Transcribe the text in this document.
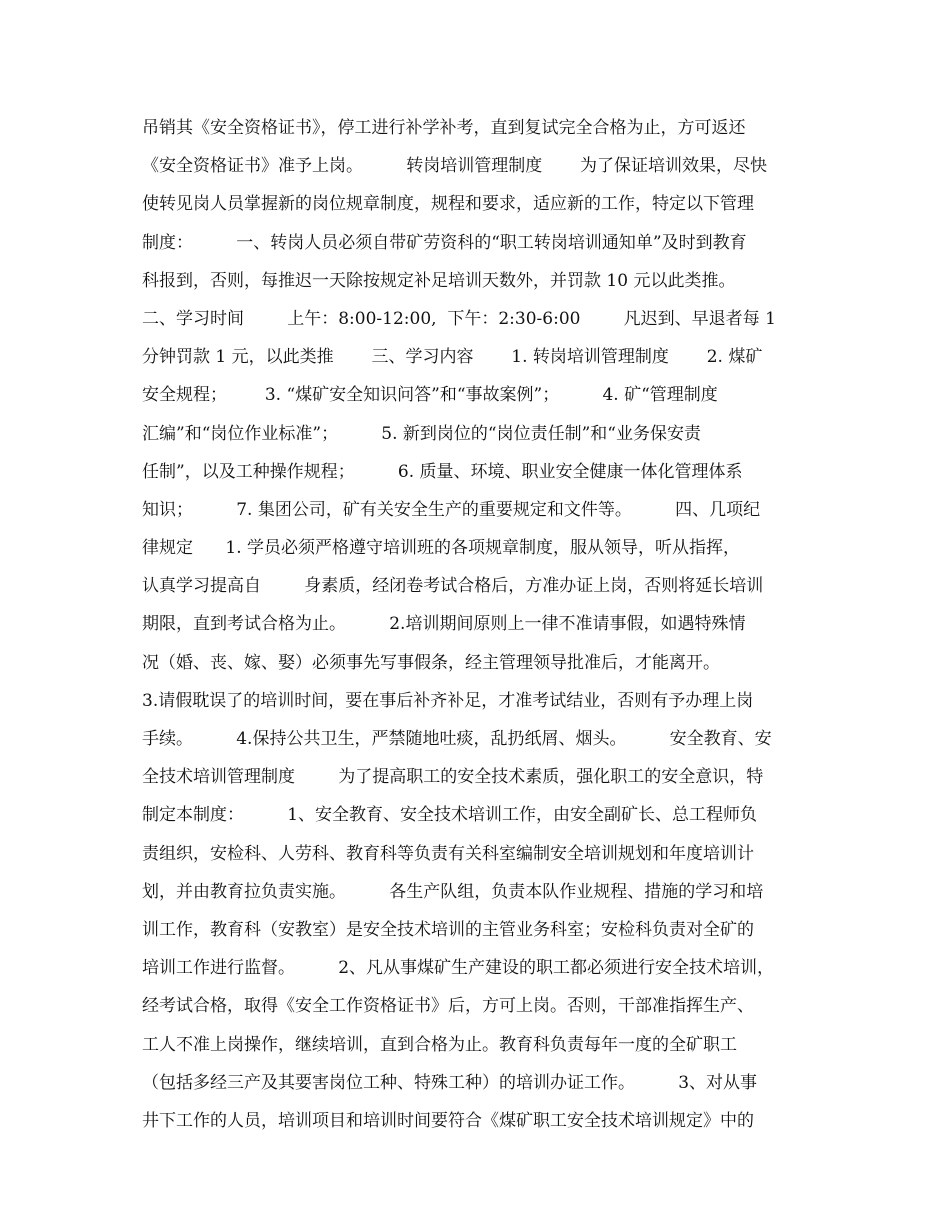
吊销其《安全资格证书》，停工进行补学补考，直到复试完全合格为止，方可返还
《安全资格证书》准予上岗。        转岗培训管理制度       为了保证培训效果，尽快
使转见岗人员掌握新的岗位规章制度，规程和要求，适应新的工作，特定以下管理
制度：        一、转岗人员必须自带矿劳资科的“职工转岗培训通知单”及时到教育
科报到，否则，每推迟一天除按规定补足培训天数外，并罚款 10 元以此类推。
二、学习时间        上午：8:00-12:00,  下午：2:30-6:00        凡迟到、早退者每 1
分钟罚款 1 元，以此类推       三、学习内容       1. 转岗培训管理制度       2. 煤矿
安全规程；       3. “煤矿安全知识问答”和“事故案例”；        4. 矿“管理制度
汇编”和“岗位作业标准”；        5. 新到岗位的“岗位责任制”和“业务保安责
任制”，以及工种操作规程；        6. 质量、环境、职业安全健康一体化管理体系
知识；        7. 集团公司，矿有关安全生产的重要规定和文件等。        四、几项纪
律规定      1. 学员必须严格遵守培训班的各项规章制度，服从领导，听从指挥，
认真学习提高自        身素质，经闭卷考试合格后，方准办证上岗，否则将延长培训
期限，直到考试合格为止。        2.培训期间原则上一律不准请事假，如遇特殊情
况（婚、丧、嫁、娶）必须事先写事假条，经主管理领导批准后，才能离开。
3.请假耽误了的培训时间，要在事后补齐补足，才准考试结业，否则有予办理上岗
手续。        4.保持公共卫生，严禁随地吐痰，乱扔纸屑、烟头。        安全教育、安
全技术培训管理制度        为了提高职工的安全技术素质，强化职工的安全意识，特
制定本制度：        1、安全教育、安全技术培训工作，由安全副矿长、总工程师负
责组织，安检科、人劳科、教育科等负责有关科室编制安全培训规划和年度培训计
划，并由教育拉负责实施。        各生产队组，负责本队作业规程、措施的学习和培
训工作，教育科（安教室）是安全技术培训的主管业务科室；安检科负责对全矿的
培训工作进行监督。        2、凡从事煤矿生产建设的职工都必须进行安全技术培训，
经考试合格，取得《安全工作资格证书》后，方可上岗。否则，干部准指挥生产、
工人不准上岗操作，继续培训，直到合格为止。教育科负责每年一度的全矿职工
（包括多经三产及其要害岗位工种、特殊工种）的培训办证工作。        3、对从事
井下工作的人员，培训项目和培训时间要符合《煤矿职工安全技术培训规定》中的
